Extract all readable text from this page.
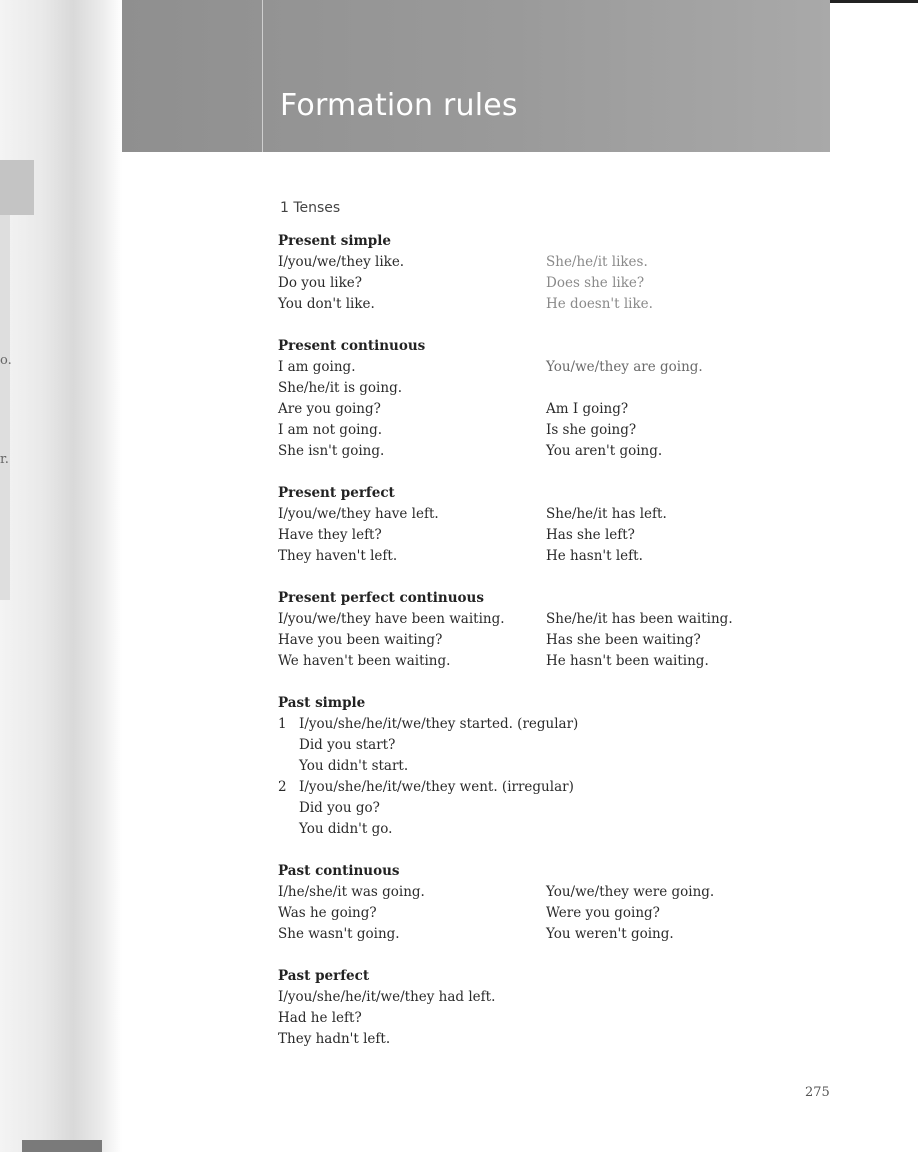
o.
r.
Formation rules
1 Tenses
Present simple
I/you/we/they like.	She/he/it likes.
Do you like?	Does she like?
You don't like.	He doesn't like.
Present continuous
I am going.	You/we/they are going.
She/he/it is going.
Are you going?	Am I going?
I am not going.	Is she going?
She isn't going.	You aren't going.
Present perfect
I/you/we/they have left.	She/he/it has left.
Have they left?	Has she left?
They haven't left.	He hasn't left.
Present perfect continuous
I/you/we/they have been waiting.	She/he/it has been waiting.
Have you been waiting?	Has she been waiting?
We haven't been waiting.	He hasn't been waiting.
Past simple
1 I/you/she/he/it/we/they started. (regular)
Did you start?
You didn't start.
2 I/you/she/he/it/we/they went. (irregular)
Did you go?
You didn't go.
Past continuous
I/he/she/it was going.	You/we/they were going.
Was he going?	Were you going?
She wasn't going.	You weren't going.
Past perfect
I/you/she/he/it/we/they had left.
Had he left?
They hadn't left.
275
